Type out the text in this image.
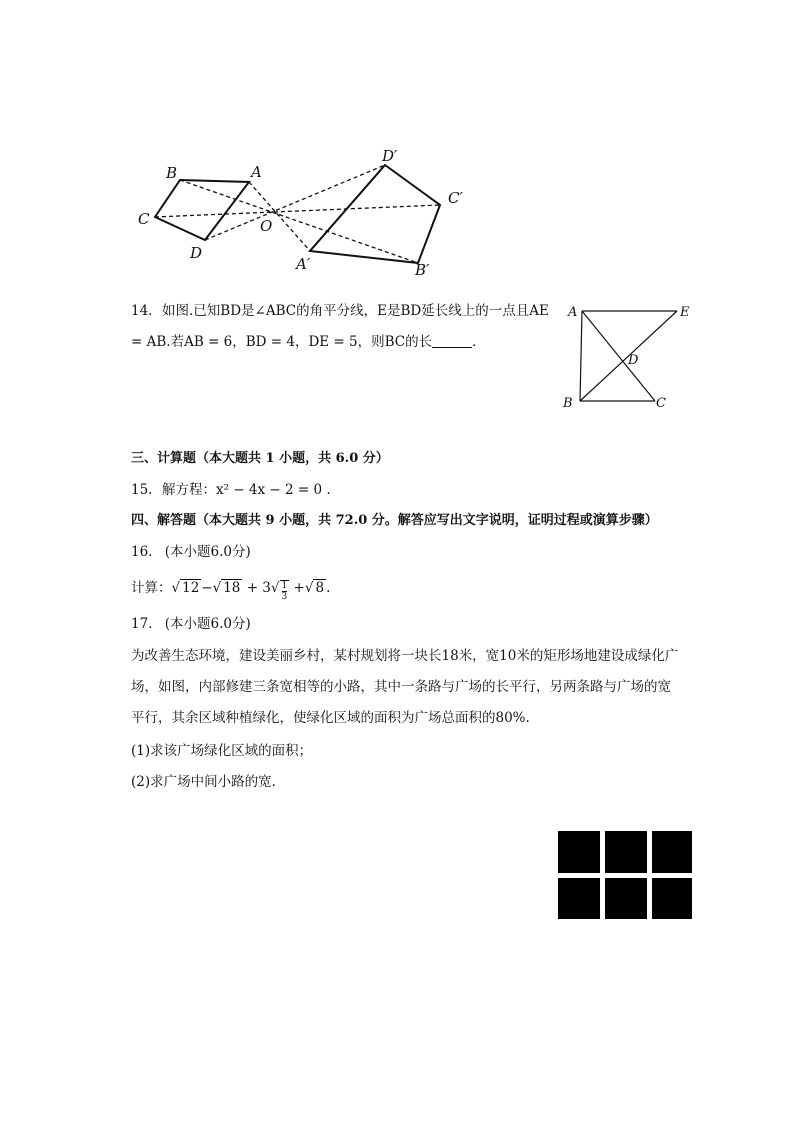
B	A
C	O
D
D′
C′
A′	B′
14. 如图.已知BD是∠ABC的角平分线，E是BD延长线上的一点且AE
= AB.若AB = 6，BD = 4，DE = 5，则BC的长	．
A	E
D
B	C
三、计算题（本大题共 1 小题，共 6.0 分）
15. 解方程：x² − 4x − 2 = 0 .
四、解答题（本大题共 9 小题，共 72.0 分。解答应写出文字说明，证明过程或演算步骤）
16. (本小题6.0分)
计算：√ 12 −√ $18 + 3√ \frac{1}{3}$ +√ 8 .
17. (本小题6.0分)
为改善生态环境，建设美丽乡村，某村规划将一块长18米，宽10米的矩形场地建设成绿化广
场，如图，内部修建三条宽相等的小路，其中一条路与广场的长平行，另两条路与广场的宽
平行，其余区域种植绿化，使绿化区域的面积为广场总面积的80%.
(1)求该广场绿化区域的面积；
(2)求广场中间小路的宽.
